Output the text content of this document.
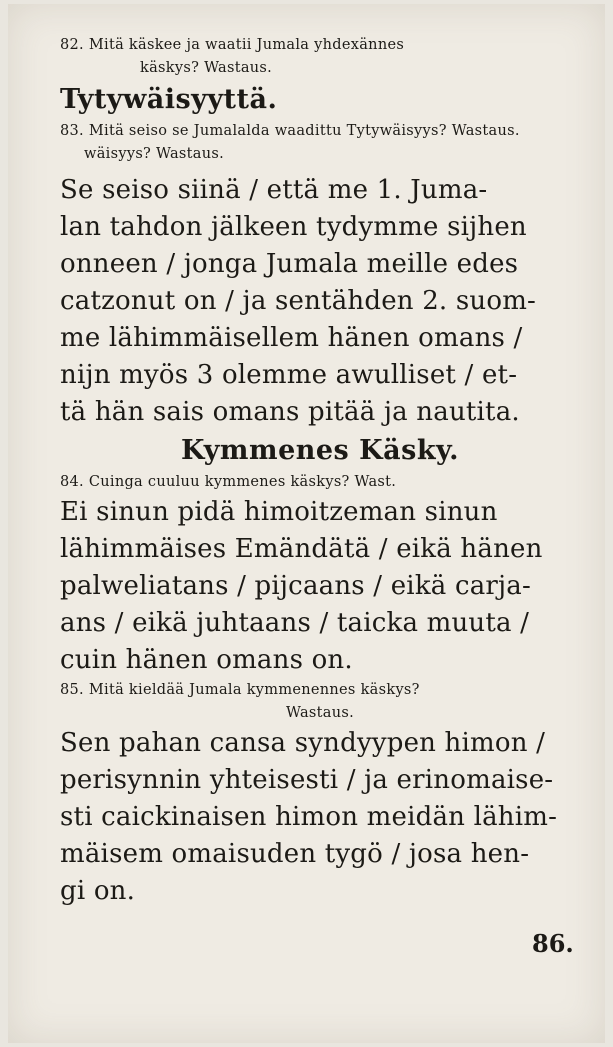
82. Mitä käskee ja waatii Jumala yhdexännes
käskys? Wastaus.
Tytywäisyyttä.
83. Mitä seiso se Jumalalda waadittu Tytywäisyys? Wastaus.
wäisyys? Wastaus.
Se seiso siinä / että me 1. Juma-
lan tahdon jälkeen tydymme sijhen
onneen / jonga Jumala meille edes
catzonut on / ja sentähden 2. suom-
me lähimmäisellem hänen omans /
nijn myös 3 olemme awulliset / et-
tä hän sais omans pitää ja nautita.
Kymmenes Käsky.
84. Cuinga cuuluu kymmenes käskys? Wast.
Ei sinun pidä himoitzeman sinun
lähimmäises Emändätä / eikä hänen
palweliatans / pijcaans / eikä carja-
ans / eikä juhtaans / taicka muuta /
cuin hänen omans on.
85. Mitä kieldää Jumala kymmenennes käskys?
Wastaus.
Sen pahan cansa syndyypen himon /
perisynnin yhteisesti / ja erinomaise-
sti caickinaisen himon meidän lähim-
mäisem omaisuden tygö / josa hen-
gi on.
86.
